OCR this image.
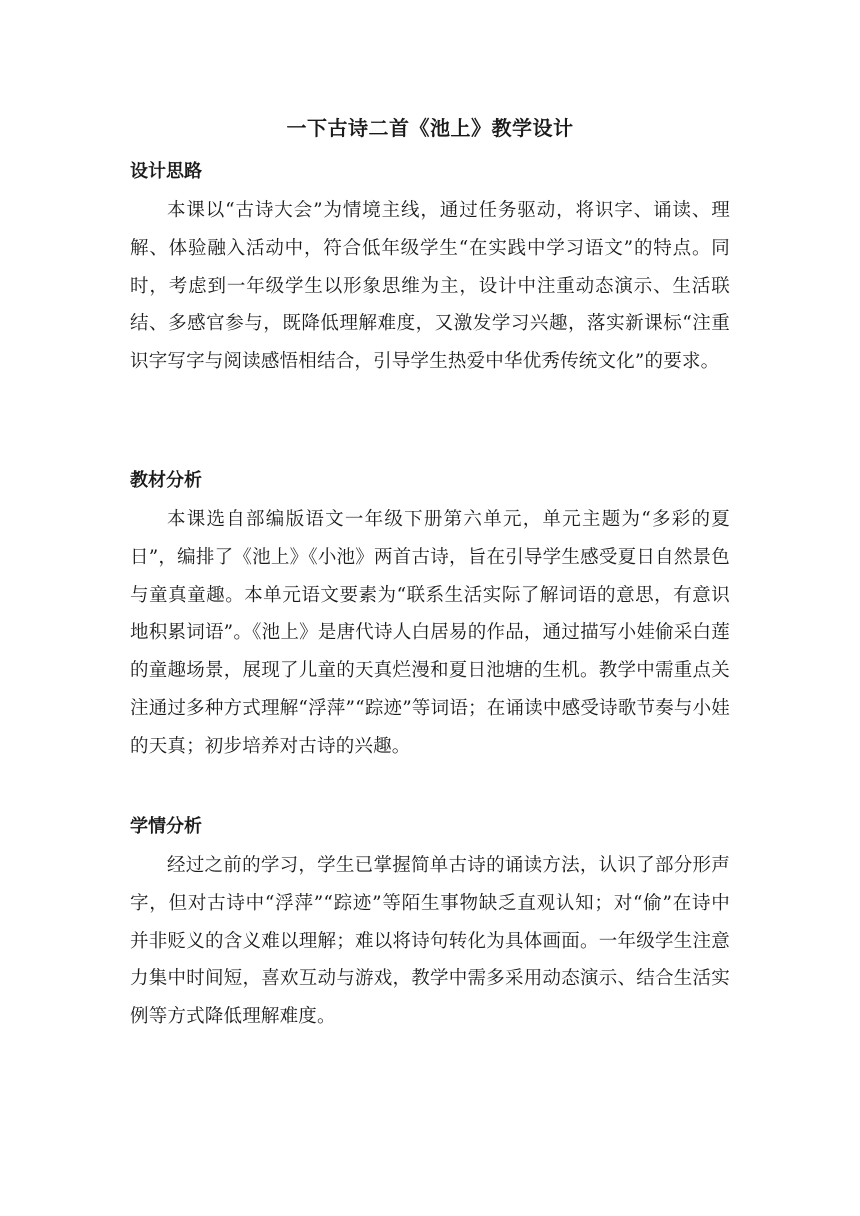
一下古诗二首《池上》教学设计
设计思路

本课以“古诗大会”为情境主线，通过任务驱动，将识字、诵读、理解、体验融入活动中，符合低年级学生“在实践中学习语文”的特点。同时，考虑到一年级学生以形象思维为主，设计中注重动态演示、生活联结、多感官参与，既降低理解难度，又激发学习兴趣，落实新课标“注重识字写字与阅读感悟相结合，引导学生热爱中华优秀传统文化”的要求。

教材分析

本课选自部编版语文一年级下册第六单元，单元主题为“多彩的夏日”，编排了《池上》《小池》两首古诗，旨在引导学生感受夏日自然景色与童真童趣。本单元语文要素为“联系生活实际了解词语的意思，有意识地积累词语”。《池上》是唐代诗人白居易的作品，通过描写小娃偷采白莲的童趣场景，展现了儿童的天真烂漫和夏日池塘的生机。教学中需重点关注通过多种方式理解“浮萍”“踪迹”等词语；在诵读中感受诗歌节奏与小娃的天真；初步培养对古诗的兴趣。

学情分析

经过之前的学习，学生已掌握简单古诗的诵读方法，认识了部分形声字，但对古诗中“浮萍”“踪迹”等陌生事物缺乏直观认知；对“偷”在诗中并非贬义的含义难以理解；难以将诗句转化为具体画面。一年级学生注意力集中时间短，喜欢互动与游戏，教学中需多采用动态演示、结合生活实例等方式降低理解难度。
